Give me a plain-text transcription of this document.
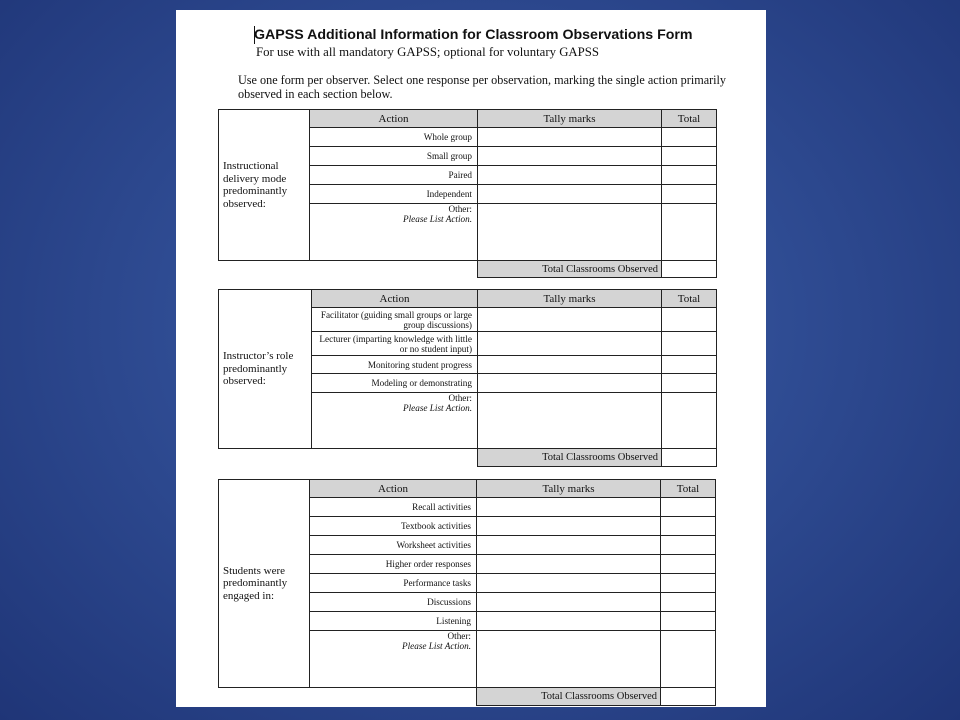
GAPSS Additional Information for Classroom Observations Form
For use with all mandatory GAPSS; optional for voluntary GAPSS
Use one form per observer. Select one response per observation, marking the single action primarily observed in each section below.
Instructional delivery mode predominantly observed:	Action	Tally marks	Total
	Whole group		
	Small group		
	Paired		
	Independent		
	Other:
Please List Action.		

		Total Classrooms Observed	
Instructor’s role predominantly observed:	Action	Tally marks	Total
	Facilitator (guiding small groups or large group discussions)		
	Lecturer (imparting knowledge with little or no student input)		
	Monitoring student progress		
	Modeling or demonstrating		
	Other:
Please List Action.		

		Total Classrooms Observed	
Students were predominantly engaged in:	Action	Tally marks	Total
	Recall activities		
	Textbook activities		
	Worksheet activities		
	Higher order responses		
	Performance tasks		
	Discussions		
	Listening		
	Other:
Please List Action.		

		Total Classrooms Observed	
